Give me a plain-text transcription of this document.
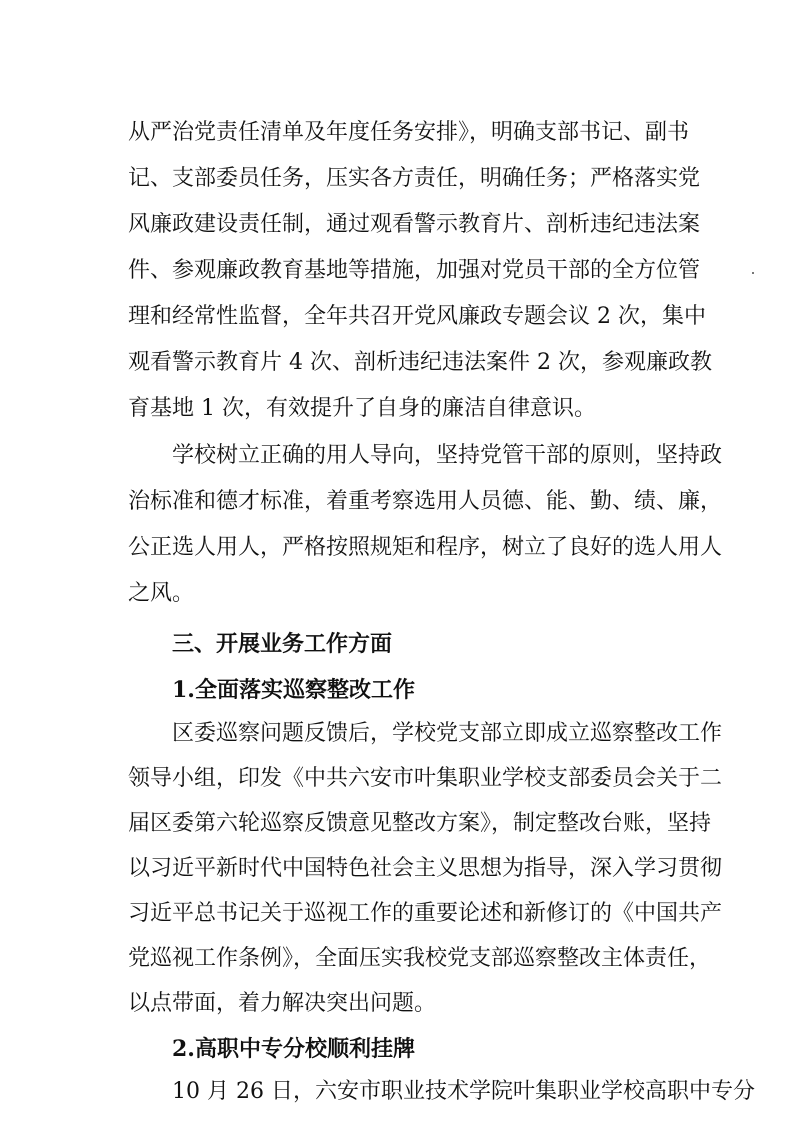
从严治党责任清单及年度任务安排》，明确支部书记、副书
记、支部委员任务，压实各方责任，明确任务；严格落实党
风廉政建设责任制，通过观看警示教育片、剖析违纪违法案
件、参观廉政教育基地等措施，加强对党员干部的全方位管
理和经常性监督，全年共召开党风廉政专题会议 2 次，集中
观看警示教育片 4 次、剖析违纪违法案件 2 次，参观廉政教
育基地 1 次，有效提升了自身的廉洁自律意识。
学校树立正确的用人导向，坚持党管干部的原则，坚持政
治标准和德才标准，着重考察选用人员德、能、勤、绩、廉，
公正选人用人，严格按照规矩和程序，树立了良好的选人用人
之风。
三、开展业务工作方面
1.全面落实巡察整改工作
区委巡察问题反馈后，学校党支部立即成立巡察整改工作
领导小组，印发《中共六安市叶集职业学校支部委员会关于二
届区委第六轮巡察反馈意见整改方案》，制定整改台账，坚持
以习近平新时代中国特色社会主义思想为指导，深入学习贯彻
习近平总书记关于巡视工作的重要论述和新修订的《中国共产
党巡视工作条例》，全面压实我校党支部巡察整改主体责任，
以点带面，着力解决突出问题。
2.高职中专分校顺利挂牌
10 月 26 日，六安市职业技术学院叶集职业学校高职中专分
